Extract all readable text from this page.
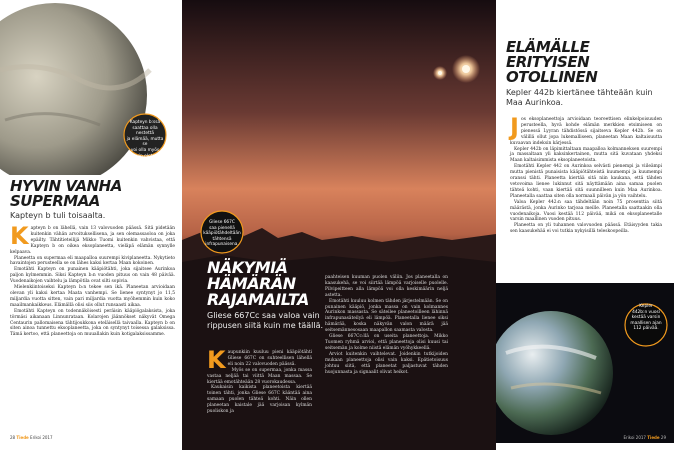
Kapteyn b:ssä
saattaa olla nestettä
ja elämää, mutta se
voi olla myös
hyvin eloton.
HYVIN VANHA
SUPERMAA
Kapteyn b tuli toisaalta.
K apteyn b on lähellä, vain 13 valovuoden päässä. Sitä pidetään kuitenkin vähän arvoituksellisena, ja sen olemassaoloa on joka epäilty. Tähtitieteilijä Mikko Tuomi kuitenkin vahvistaa, että Kapteyn b on oikea eksoplaneetta, vieläpä elämän synnylle kelpaava.

Planeetta on supermaa eli maapalloa suurempi kiviplaneetta. Nykytieto havaintojen perusteella se on lähes kaksi kertaa Maan kokoinen.

Emotähti Kapteyn on punainen kääpiötähti, joka sijaitsee Aurinkoa paljon kylmemmin. Siksi Kapteyn b:n vuoden pituus on vain 48 päivää. Vuodenaikojen vaihtelu ja lämpötila ovat silti sopivia.

Mielenkiintoiseksi Kapteyn b:n tekee sen ikä. Planeetan arvioidaan olevan yli kaksi kertaa Maata vanhempi. Se lienee syntynyt jo 11,5 miljardia vuotta sitten, vain pari miljardia vuotta myöhemmin kuin koko maailmankaikkeus. Elämällä olisi siis ollut runsaasti aikaa.

Emotähti Kapteyn on todennäköisesti peräisin kääpiögalaksista, joka törmäsi aikanaan Linnunrataan. Kolarojen jäännökset näkyvät Omega Centaurin pallomaisena tähtijoukkona eteläisellä taivaalla. Kapteyn b on siten ainoa tunnettu eksoplaneetta, joka on syntynyt toisessa galaksissa. Tämä kertoo, että planeettoja on muuallakin kuin kotigalaksissamme.

28 Tiede Erikoi 2017
Gliese 667C
saa pienellä
kääpiötähdeltään
tähtensä
infrapunaisena.
NÄKYMIÄ
HÄMÄRÄN
RAJAMAILTA
Gliese 667Cc saa valoa vain rippusen siitä kuin me täällä.
K aupunkiin kuuluu pieni kääpiötähti Gliese 667C on suhteellisen lähellä eli noin 22 valovuoden päässä.

Myös se on supermaa, jonka massa vastaa neljää tai viittä Maan massaa. Se kiertää emotähteään 28 vuorokaudessa.

Kaukaisin kaikista planeetoista kiertää toinen tähti, jonka Gliese 667C kääntää aina samaan puolen tähteä kohti. Näin ollen planeetan kaistale jää varjoisan kylmän puoliskon ja

paahteisen kuuman puolen väliin. Jos planeetalla on kaasukehä, se voi siirtää lämpöä varjoiselle puolelle. Pilvipeitteen alla lämpöä voi olla keskimäärin neljä astetta.

Emotähti kuuluu kolmen tähden järjestelmään. Se on punainen kääpiö, jonka massa on vain kolmannes Aurinkon massasta. Se säteilee planeetoilleen lähinnä infrapunasäteilyä eli lämpöä. Planeetalla lienee siksi hämärää, koska näkyvän valon määrä jää seitsemännesosaan maapallon saamasta valosta.

Gliese 667Cc:llä on useita planeettoja. Mikko Tuomen ryhmä arvioi, että planeettoja olisi kuusi tai seitsemän ja kolme niistä elämän vyöhykkeellä.

Arviot kuitenkin vaihtelevat. Joidenkin tutkijoiden mukaan planeettoja olisi vain kaksi. Epätietoisuus johtuu siitä, että planeetat paljastuvat tähden huojunnasta ja signaalit olivat heikot.

ELÄMÄLLE
ERITYISEN
OTOLLINEN
Kepler 442b kiertänee tähteään kuin Maa Aurinkoa.
J os eksoplaneettoja arvioidaan teoreettisen elinkelpoisuuden perusteella, hyvä kohde elämän merkkien etsimiseen on pienessä Lyyran tähdistössä sijaitseva Kepler 442b. Se on välillä ollut jopa lukemalliseen, planeetan Maan kaltaisuutta kuvaavan indeksin kärjessä.

Kepler 442b on läpimittaltaan maapalloa kolmanneksen suurempi ja massaltaan yli kaksinkertainen, mutta sitä kuvataan yhdeksi Maan kaltaisimmista eksoplaneetoista.

Emotähti Kepler 442 on Aurinkoa selvästi pienempi ja viileämpi mutta pienistä punaisista kääpiötähteistä kuumempi ja kuumempi oranssi tähti. Planeetta kiertää sitä niin kaukana, että tähden vetovoima lienee lukinnut sitä näyttämään aina samaa puolen tähteä kohti, vaan kiertää sitä suunnilleen kuin Maa Aurinkoa. Planeetalla saattaa siten olla normaali päivän ja yön vaihtelu.

Valoa Kepler 442:n saa tähdeltään noin 75 prosenttia siitä määrästä, jonka Aurinko tarjoaa meille. Planeetalla saattaakin olla vuodenaikoja. Vuosi kestää 112 päivää, mikä on eksoplaneetalle varsin maallinen vuoden pituus.

Planeetta on yli tuhannen valovuoden päässä. Etäisyyden takia sen kaasukehää ei voi tutkia nykyisillä teleskoopeilla.

Kepler
442b:n vuosi
kestää varsin
maallisen ajan
112 päivää.
Erikoi 2017 Tiede 29
